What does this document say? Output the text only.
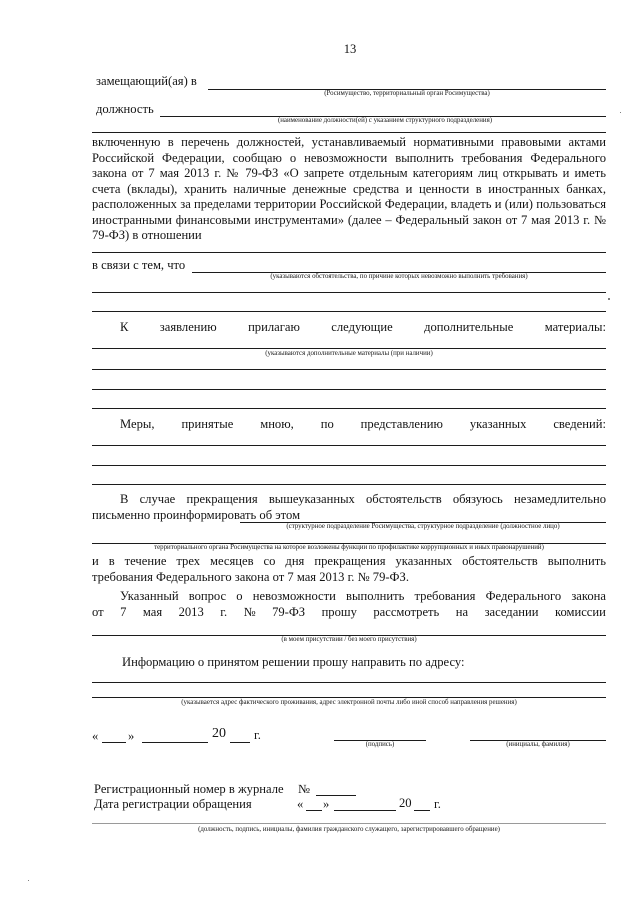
13
замещающий(ая) в
(Росимущество, территориальный орган Росимущества)
должность
(наименование должности(ей) с указанием структурного подразделения)
включенную в перечень должностей, устанавливаемый нормативными правовыми актами Российской Федерации, сообщаю о невозможности выполнить требования Федерального закона от 7 мая 2013 г. № 79-ФЗ «О запрете отдельным категориям лиц открывать и иметь счета (вклады), хранить наличные денежные средства и ценности в иностранных банках, расположенных за пределами территории Российской Федерации, владеть и (или) пользоваться иностранными финансовыми инструментами» (далее – Федеральный закон от 7 мая 2013 г. № 79-ФЗ) в отношении
в связи с тем, что
(указываются обстоятельства, по причине которых невозможно выполнить требования)
К заявлению прилагаю следующие дополнительные материалы:
(указываются дополнительные материалы (при наличии)
Меры, принятые мною, по представлению указанных сведений:
В случае прекращения вышеуказанных обстоятельств обязуюсь незамедлительно
письменно проинформировать об этом
(структурное подразделение Росимущества, структурное подразделение (должностное лицо)
территориального органа Росимущества на которое возложены функции по профилактике коррупционных и иных правонарушений)
и в течение трех месяцев со дня прекращения указанных обстоятельств выполнить
требования Федерального закона от 7 мая 2013 г. № 79-ФЗ.
Указанный вопрос о невозможности выполнить требования Федерального закона
от 7 мая 2013 г. № 79-ФЗ прошу рассмотреть на заседании комиссии
(в моем присутствии / без моего присутствия)
Информацию о принятом решении прошу направить по адресу:
(указывается адрес фактического проживания, адрес электронной почты либо иной способ направления решения)
« »	20 г.
(подпись)	(инициалы, фамилия)
Регистрационный номер в журнале №
Дата регистрации обращения	« »	20 г.
(должность, подпись, инициалы, фамилия гражданского служащего, зарегистрировавшего обращение)
